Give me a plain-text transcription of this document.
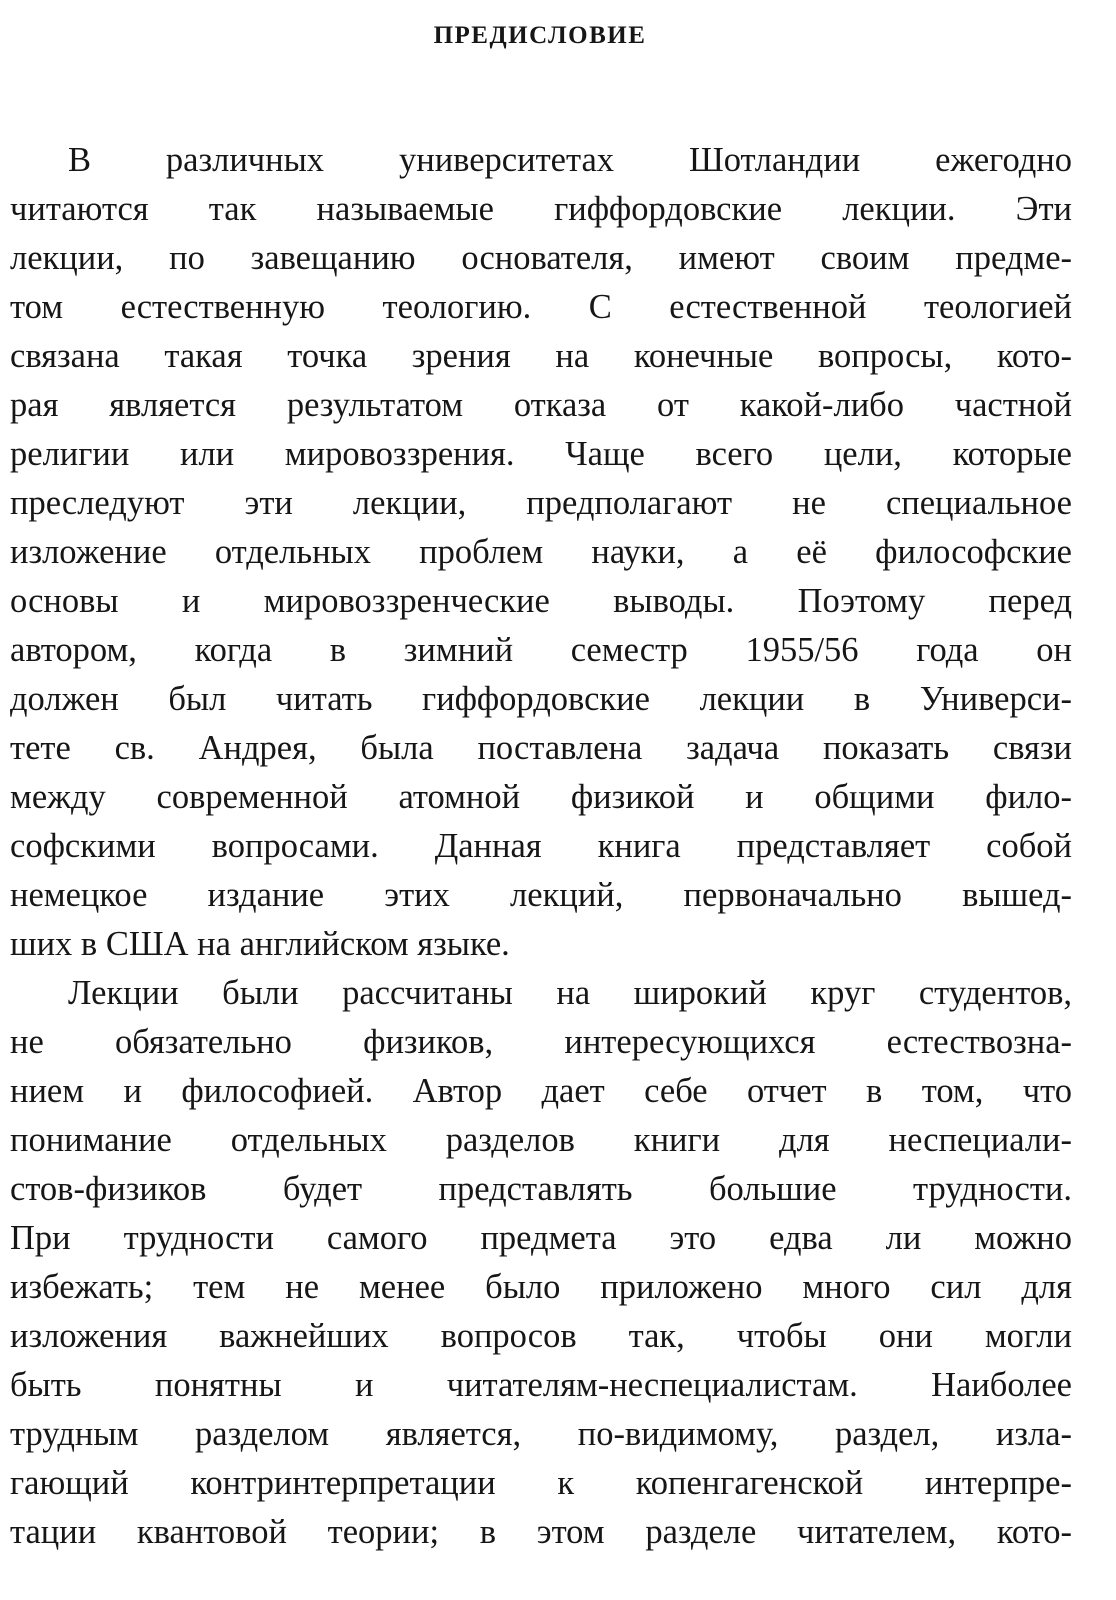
ПРЕДИСЛОВИЕ
В различных университетах Шотландии ежегодно
читаются так называемые гиффордовские лекции. Эти
лекции, по завещанию основателя, имеют своим предме-
том естественную теологию. С естественной теологией
связана такая точка зрения на конечные вопросы, кото-
рая является результатом отказа от какой-либо частной
религии или мировоззрения. Чаще всего цели, которые
преследуют эти лекции, предполагают не специальное
изложение отдельных проблем науки, а её философские
основы и мировоззренческие выводы. Поэтому перед
автором, когда в зимний семестр 1955/56 года он
должен был читать гиффордовские лекции в Универси-
тете св. Андрея, была поставлена задача показать связи
между современной атомной физикой и общими фило-
софскими вопросами. Данная книга представляет собой
немецкое издание этих лекций, первоначально вышед-
ших в США на английском языке.
Лекции были рассчитаны на широкий круг студентов,
не обязательно физиков, интересующихся естествозна-
нием и философией. Автор дает себе отчет в том, что
понимание отдельных разделов книги для неспециали-
стов-физиков будет представлять большие трудности.
При трудности самого предмета это едва ли можно
избежать; тем не менее было приложено много сил для
изложения важнейших вопросов так, чтобы они могли
быть понятны и читателям-неспециалистам. Наиболее
трудным разделом является, по-видимому, раздел, изла-
гающий контринтерпретации к копенгагенской интерпре-
тации квантовой теории; в этом разделе читателем, кото-
